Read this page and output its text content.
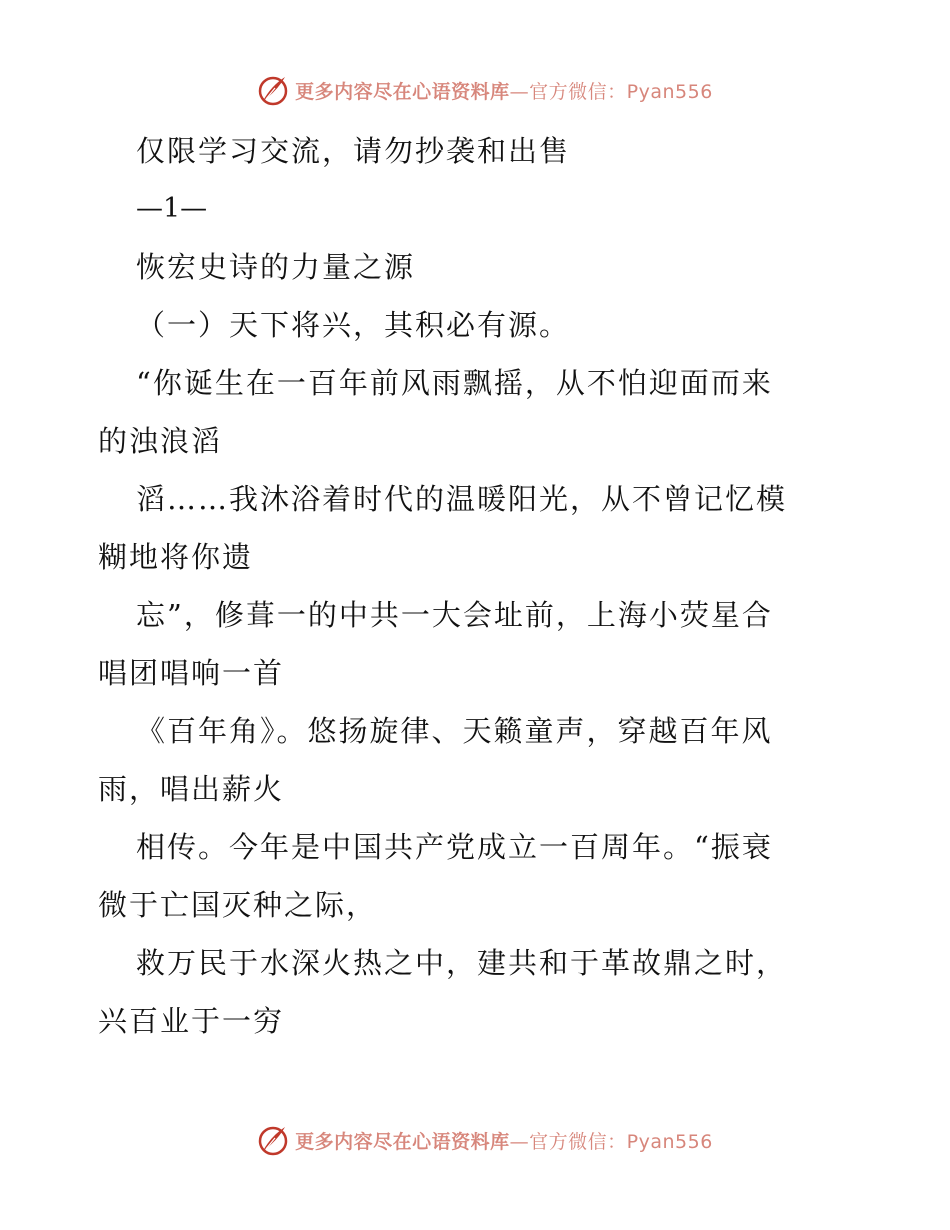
更多内容尽在心语资料库—官方微信：Pyan556
仅限学习交流，请勿抄袭和出售
—1—
恢宏史诗的力量之源
（一）天下将兴，其积必有源。
“你诞生在一百年前风雨飘摇，从不怕迎面而来
的浊浪滔
滔……我沐浴着时代的温暖阳光，从不曾记忆模
糊地将你遗
忘”，修葺一的中共一大会址前，上海小荧星合
唱团唱响一首
《百年角》。悠扬旋律、天籁童声，穿越百年风
雨，唱出薪火
相传。今年是中国共产党成立一百周年。“振衰
微于亡国灭种之际，
救万民于水深火热之中，建共和于革故鼎之时，
兴百业于一穷
更多内容尽在心语资料库—官方微信：Pyan556
